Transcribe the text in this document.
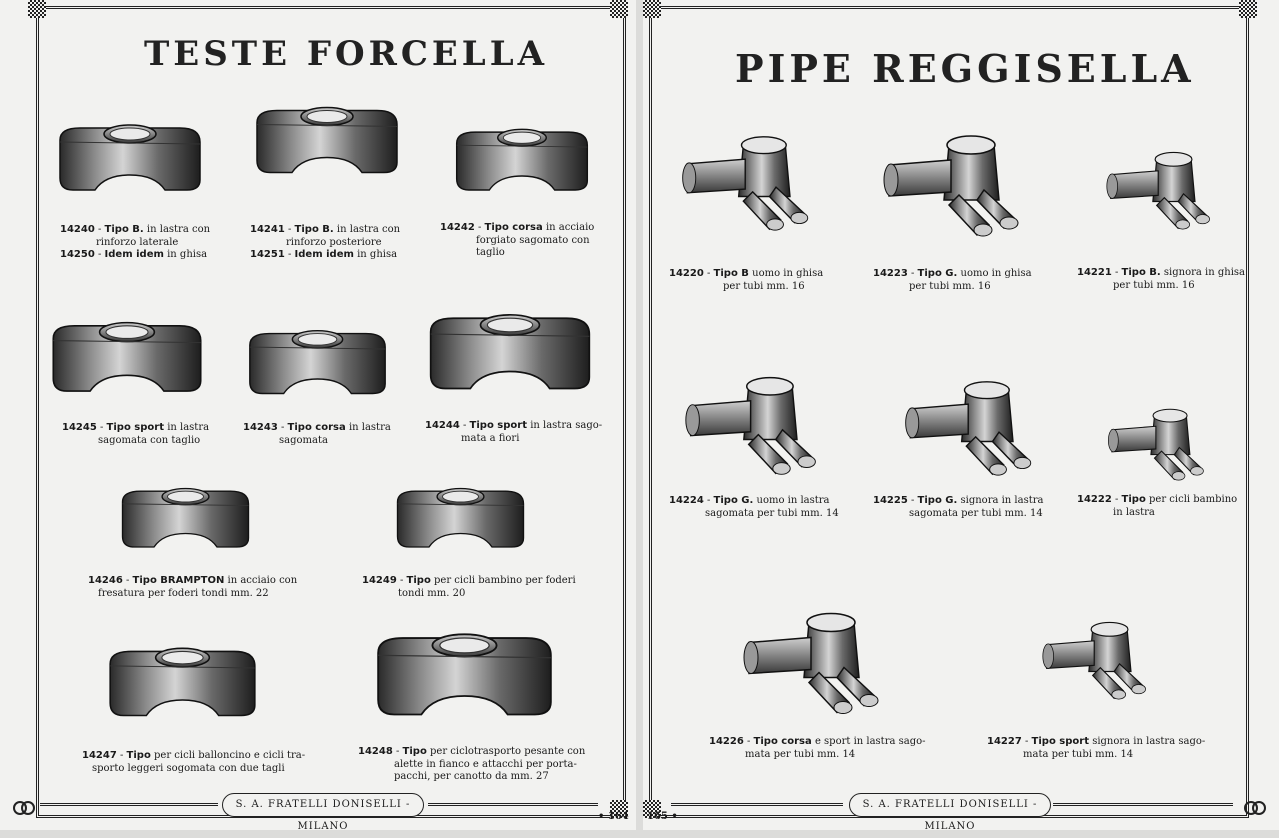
TESTE FORCELLA
14240 - Tipo B. in lastra con
rinforzo laterale
14250 - Idem idem in ghisa
14241 - Tipo B. in lastra con
rinforzo posteriore
14251 - Idem idem in ghisa
14242 - Tipo corsa in acciaio
forgiato sagomato con
taglio
14245 - Tipo sport in lastra
sagomata con taglio
14243 - Tipo corsa in lastra
sagomata
14244 - Tipo sport in lastra sago-
mata a fiori
14246 - Tipo BRAMPTON in acciaio con
fresatura per foderi tondi mm. 22
14249 - Tipo per cicli bambino per foderi
tondi mm. 20
14247 - Tipo per cicli balloncino e cicli tra-
sporto leggeri sogomata con due tagli
14248 - Tipo per ciclotrasporto pesante con
alette in fianco e attacchi per porta-
pacchi, per canotto da mm. 27
S. A. FRATELLI DONISELLI - MILANO
• 164
PIPE REGGISELLA
14220 - Tipo B uomo in ghisa
per tubi mm. 16
14223 - Tipo G. uomo in ghisa
per tubi mm. 16
14221 - Tipo B. signora in ghisa
per tubi mm. 16
14224 - Tipo G. uomo in lastra
sagomata per tubi mm. 14
14225 - Tipo G. signora in lastra
sagomata per tubi mm. 14
14222 - Tipo per cicli bambino
in lastra
14226 - Tipo corsa e sport in lastra sago-
mata per tubi mm. 14
14227 - Tipo sport signora in lastra sago-
mata per tubi mm. 14
S. A. FRATELLI DONISELLI - MILANO
165 •
